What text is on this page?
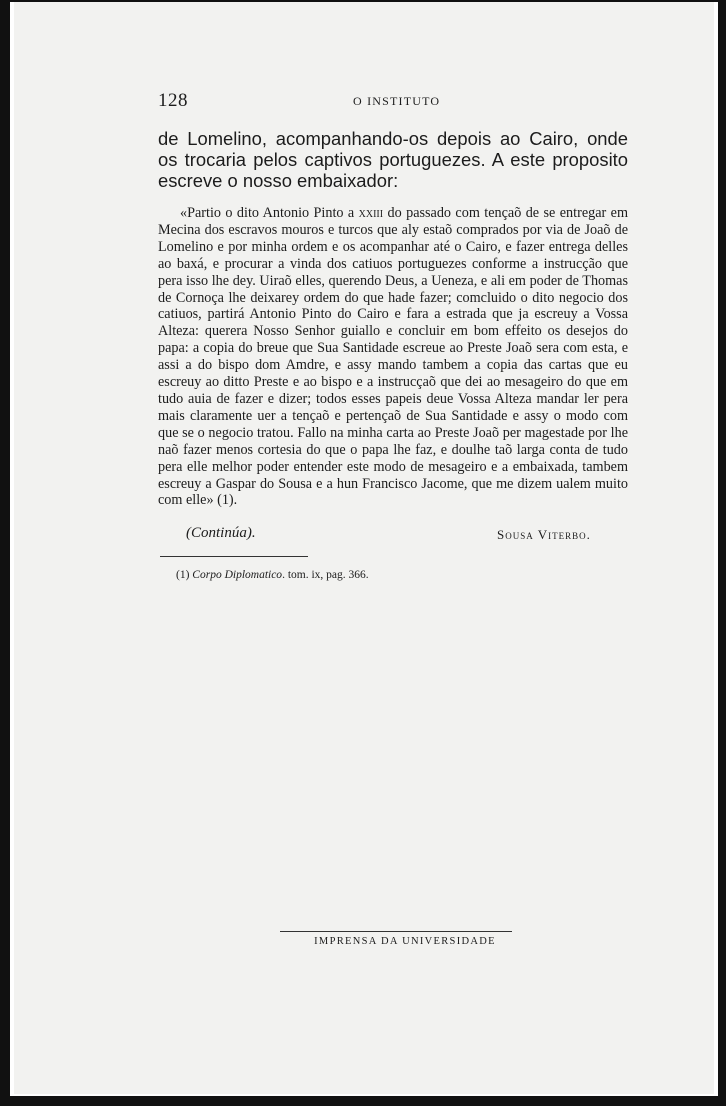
128	O INSTITUTO

de Lomelino, acompanhando-os depois ao Cairo, onde os trocaria pelos captivos portuguezes. A este proposito escreve o nosso embaixador:

«Partio o dito Antonio Pinto a xxiii do passado com tençaõ de se entregar em Mecina dos escravos mouros e turcos que aly estaõ comprados por via de Joaõ de Lomelino e por minha ordem e os acompanhar até o Cairo, e fazer entrega delles ao baxá, e procurar a vinda dos catiuos portuguezes conforme a instrucção que pera isso lhe dey. Uiraõ elles, querendo Deus, a Ueneza, e ali em poder de Thomas de Cornoça lhe deixarey ordem do que hade fazer; comcluido o dito negocio dos catiuos, partirá Antonio Pinto do Cairo e fara a estrada que ja escreuy a Vossa Alteza: querera Nosso Senhor guiallo e concluir em bom effeito os desejos do papa: a copia do breue que Sua Santidade escreue ao Preste Joaõ sera com esta, e assi a do bispo dom Amdre, e assy mando tambem a copia das cartas que eu escreuy ao ditto Preste e ao bispo e a instrucçaõ que dei ao mesageiro do que em tudo auia de fazer e dizer; todos esses papeis deue Vossa Alteza mandar ler pera mais claramente uer a tençaõ e pertençaõ de Sua Santidade e assy o modo com que se o negocio tratou. Fallo na minha carta ao Preste Joaõ per magestade por lhe naõ fazer menos cortesia do que o papa lhe faz, e doulhe taõ larga conta de tudo pera elle melhor poder entender este modo de mesageiro e a embaixada, tambem escreuy a Gaspar do Sousa e a hun Francisco Jacome, que me dizem ualem muito com elle» (1).

(Continúa).	Sousa Viterbo.
(1) Corpo Diplomatico. tom. ix, pag. 366.
IMPRENSA DA UNIVERSIDADE
